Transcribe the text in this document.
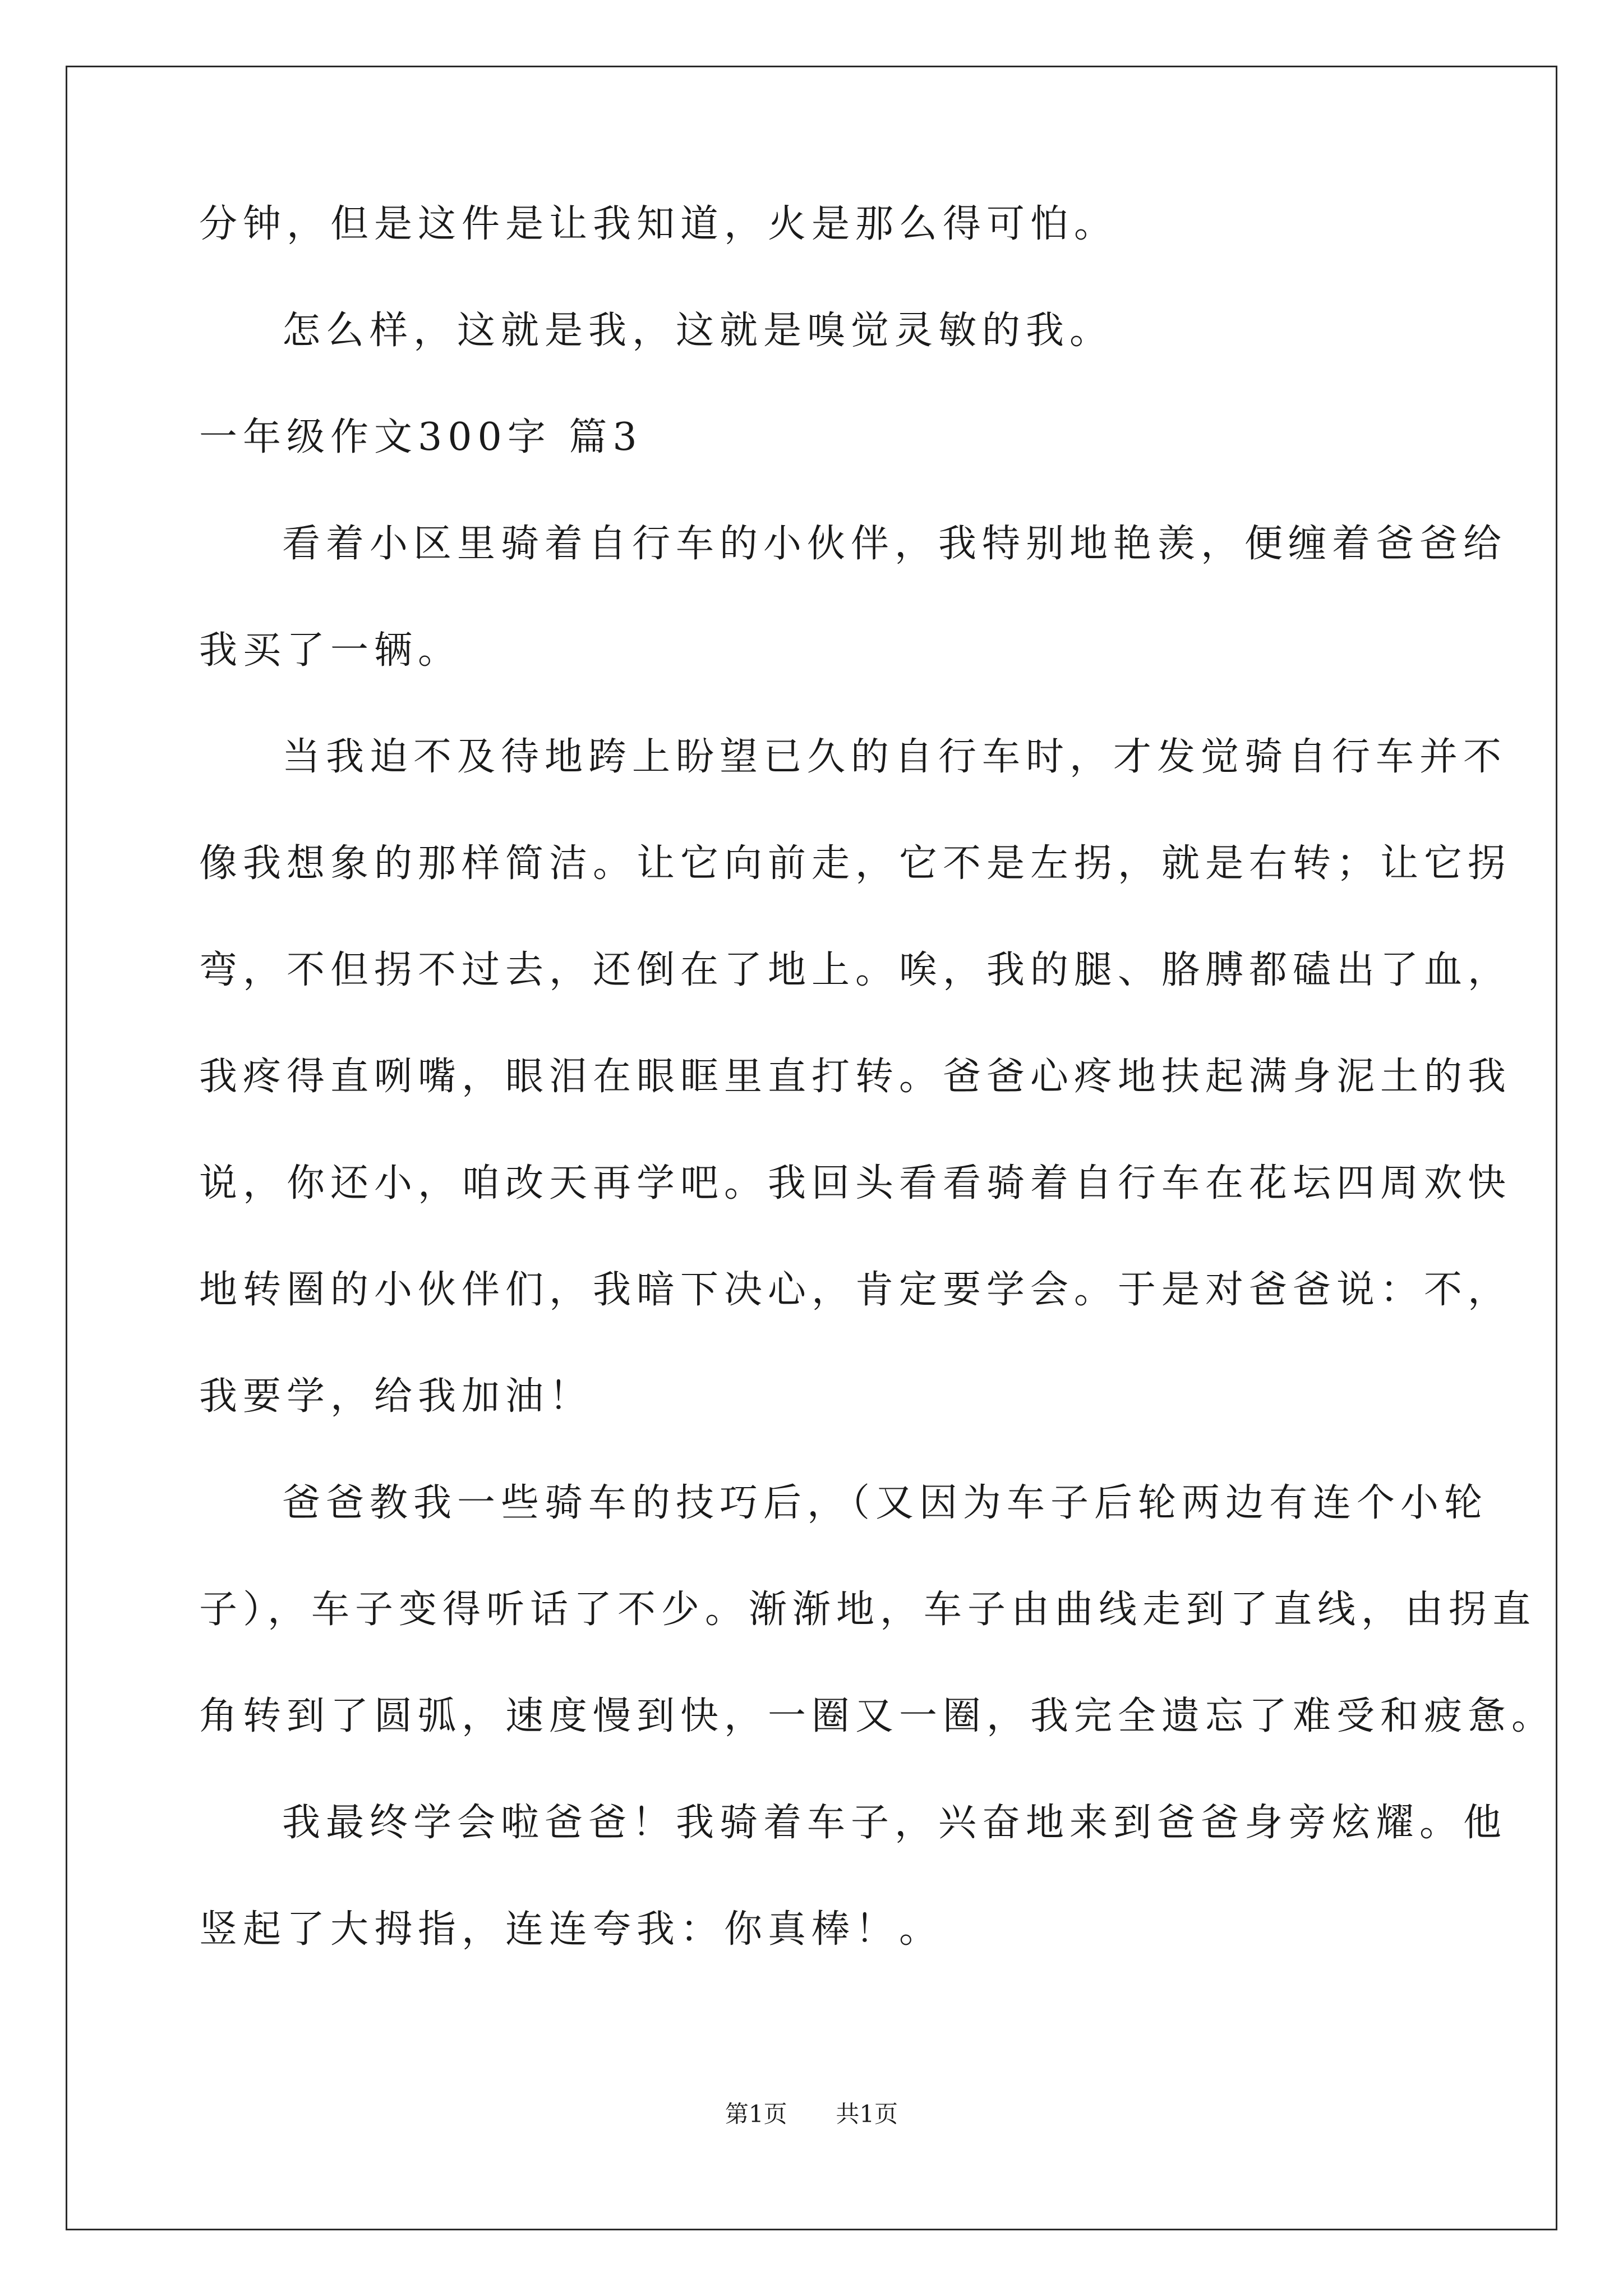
分钟，但是这件是让我知道，火是那么得可怕。
怎么样，这就是我，这就是嗅觉灵敏的我。
一年级作文300字 篇3
看着小区里骑着自行车的小伙伴，我特别地艳羡，便缠着爸爸给
我买了一辆。
当我迫不及待地跨上盼望已久的自行车时，才发觉骑自行车并不
像我想象的那样简洁。让它向前走，它不是左拐，就是右转；让它拐
弯，不但拐不过去，还倒在了地上。唉，我的腿、胳膊都磕出了血，
我疼得直咧嘴，眼泪在眼眶里直打转。爸爸心疼地扶起满身泥土的我
说，你还小，咱改天再学吧。我回头看看骑着自行车在花坛四周欢快
地转圈的小伙伴们，我暗下决心，肯定要学会。于是对爸爸说：不，
我要学，给我加油！
爸爸教我一些骑车的技巧后，（又因为车子后轮两边有连个小轮
子），车子变得听话了不少。渐渐地，车子由曲线走到了直线，由拐直
角转到了圆弧，速度慢到快，一圈又一圈，我完全遗忘了难受和疲惫。
我最终学会啦爸爸！我骑着车子，兴奋地来到爸爸身旁炫耀。他
竖起了大拇指，连连夸我：你真棒！。
第1页 共1页
